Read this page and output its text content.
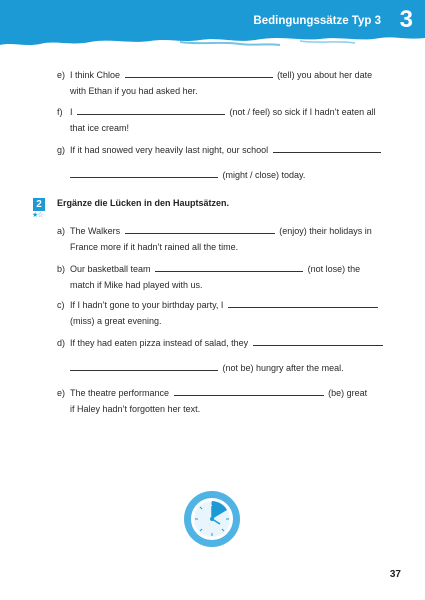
Bedingungssätze Typ 3 3
e) I think Chloe	(tell) you about her date
with Ethan if you had asked her.
f) I	(not / feel) so sick if I hadn’t eaten all
that ice cream!
g) If it had snowed very heavily last night, our school
(might / close) today.
2
★☆
Ergänze die Lücken in den Hauptsätzen.
a) The Walkers	(enjoy) their holidays in
France more if it hadn’t rained all the time.
b) Our basketball team	(not lose) the
match if Mike had played with us.
c) If I hadn’t gone to your birthday party, I
(miss) a great evening.
d) If they had eaten pizza instead of salad, they
(not be) hungry after the meal.
e) The theatre performance	(be) great
if Haley hadn’t forgotten her text.
37
